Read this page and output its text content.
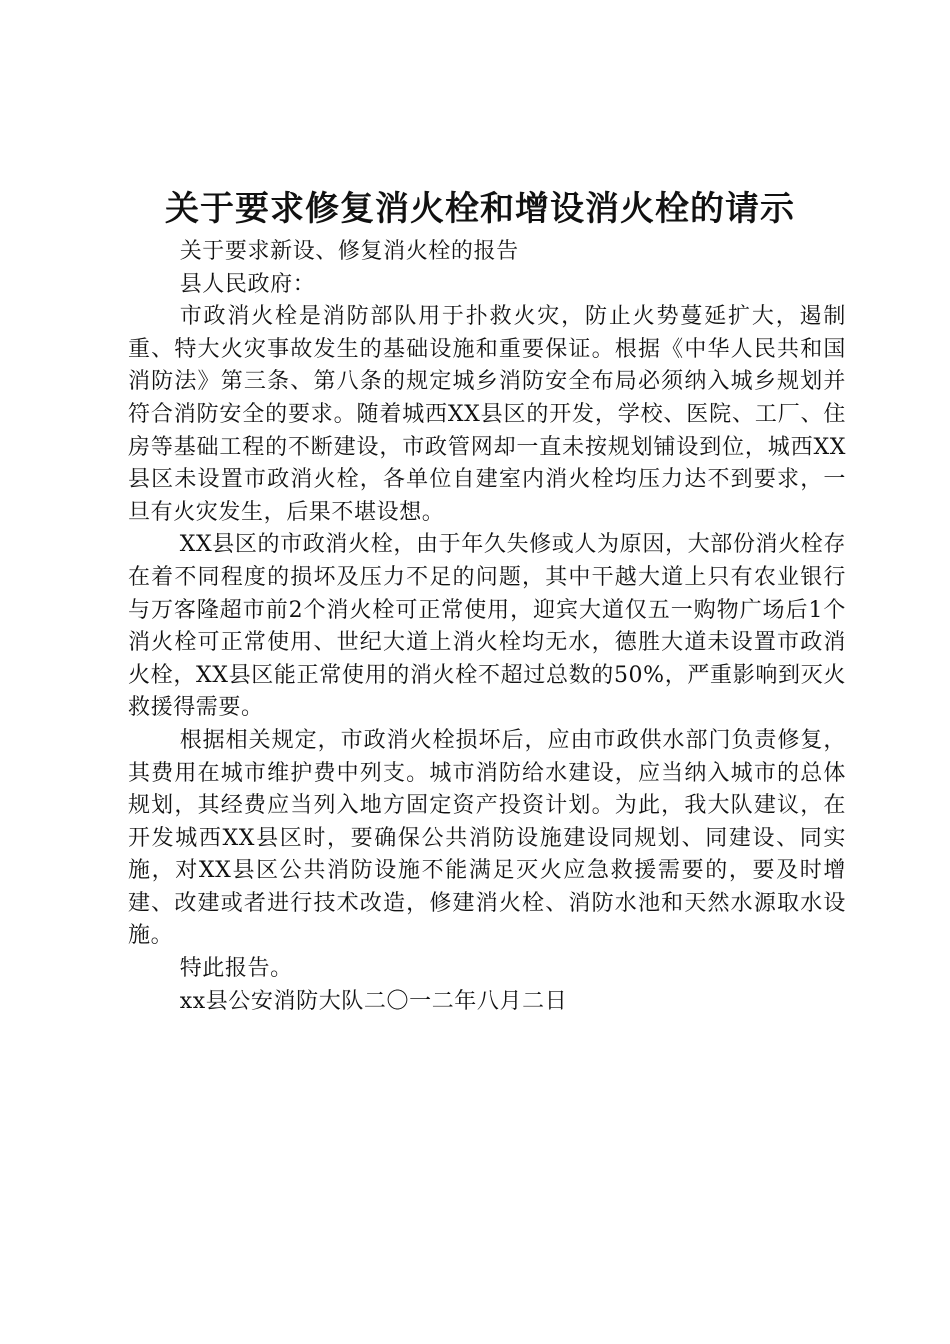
关于要求修复消火栓和增设消火栓的请示

关于要求新设、修复消火栓的报告

县人民政府：

市政消火栓是消防部队用于扑救火灾，防止火势蔓延扩大，遏制重、特大火灾事故发生的基础设施和重要保证。根据《中华人民共和国消防法》第三条、第八条的规定城乡消防安全布局必须纳入城乡规划并符合消防安全的要求。随着城西XX县区的开发，学校、医院、工厂、住房等基础工程的不断建设，市政管网却一直未按规划铺设到位，城西XX县区未设置市政消火栓，各单位自建室内消火栓均压力达不到要求，一旦有火灾发生，后果不堪设想。

XX县区的市政消火栓，由于年久失修或人为原因，大部份消火栓存在着不同程度的损坏及压力不足的问题，其中干越大道上只有农业银行与万客隆超市前2个消火栓可正常使用，迎宾大道仅五一购物广场后1个消火栓可正常使用、世纪大道上消火栓均无水，德胜大道未设置市政消火栓，XX县区能正常使用的消火栓不超过总数的50%，严重影响到灭火救援得需要。

根据相关规定，市政消火栓损坏后，应由市政供水部门负责修复，其费用在城市维护费中列支。城市消防给水建设，应当纳入城市的总体规划，其经费应当列入地方固定资产投资计划。为此，我大队建议，在开发城西XX县区时，要确保公共消防设施建设同规划、同建设、同实施，对XX县区公共消防设施不能满足灭火应急救援需要的，要及时增建、改建或者进行技术改造，修建消火栓、消防水池和天然水源取水设施。

特此报告。

xx县公安消防大队二〇一二年八月二日
